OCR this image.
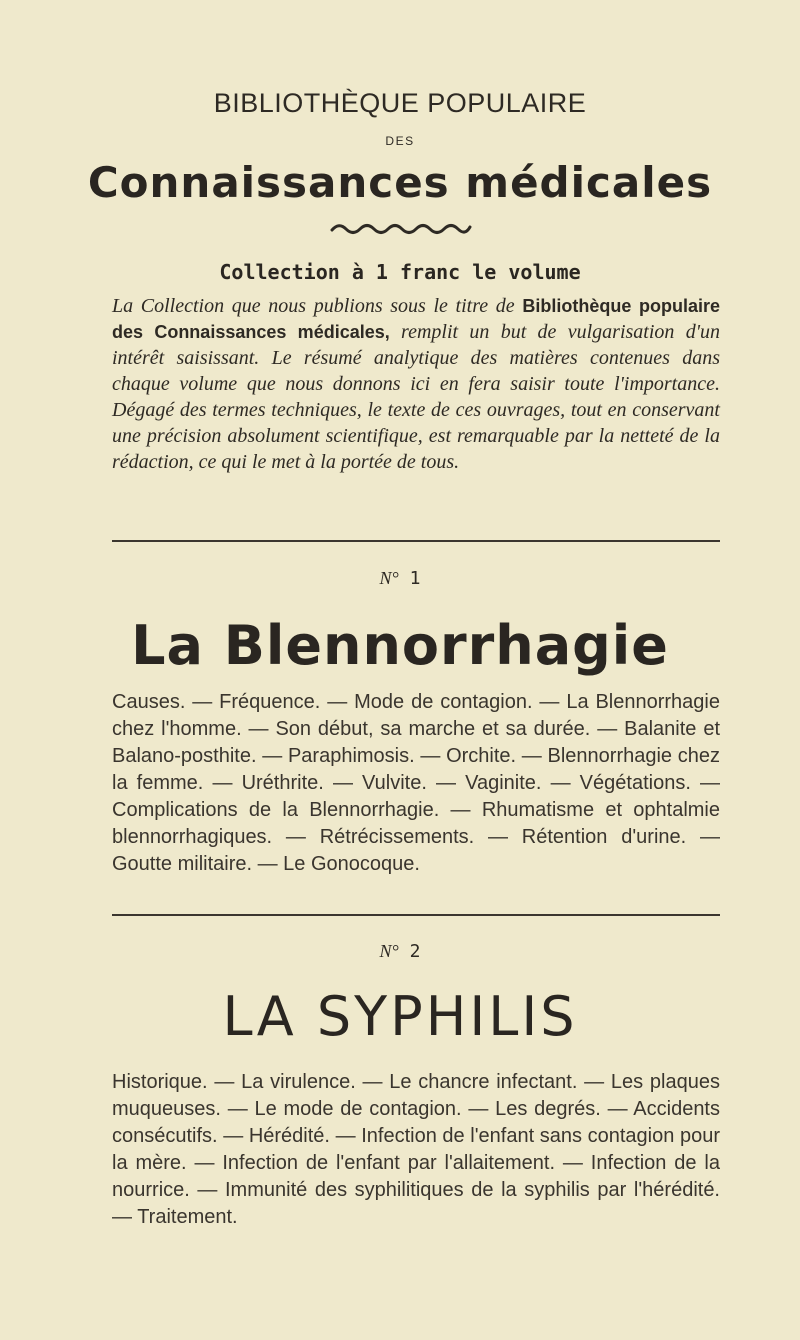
BIBLIOTHÈQUE POPULAIRE
DES
Connaissances médicales
Collection à 1 franc le volume
La Collection que nous publions sous le titre de Bibliothèque populaire des Connaissances médicales, remplit un but de vulgarisation d'un intérêt saisissant. Le résumé analytique des matières contenues dans chaque volume que nous donnons ici en fera saisir toute l'importance. Dégagé des termes techniques, le texte de ces ouvrages, tout en conservant une précision absolument scientifique, est remarquable par la netteté de la rédaction, ce qui le met à la portée de tous.
N° 1
La Blennorrhagie
Causes. — Fréquence. — Mode de contagion. — La Blennorrhagie chez l'homme. — Son début, sa marche et sa durée. — Balanite et Balano-posthite. — Paraphimosis. — Orchite. — Blennorrhagie chez la femme. — Uréthrite. — Vulvite. — Vaginite. — Végétations. — Complications de la Blennorrhagie. — Rhumatisme et ophtalmie blennorrhagiques. — Rétrécissements. — Rétention d'urine. — Goutte militaire. — Le Gonocoque.
N° 2
LA SYPHILIS
Historique. — La virulence. — Le chancre infectant. — Les plaques muqueuses. — Le mode de contagion. — Les degrés. — Accidents consécutifs. — Hérédité. — Infection de l'enfant sans contagion pour la mère. — Infection de l'enfant par l'allaitement. — Infection de la nourrice. — Immunité des syphilitiques de la syphilis par l'hérédité. — Traitement.
